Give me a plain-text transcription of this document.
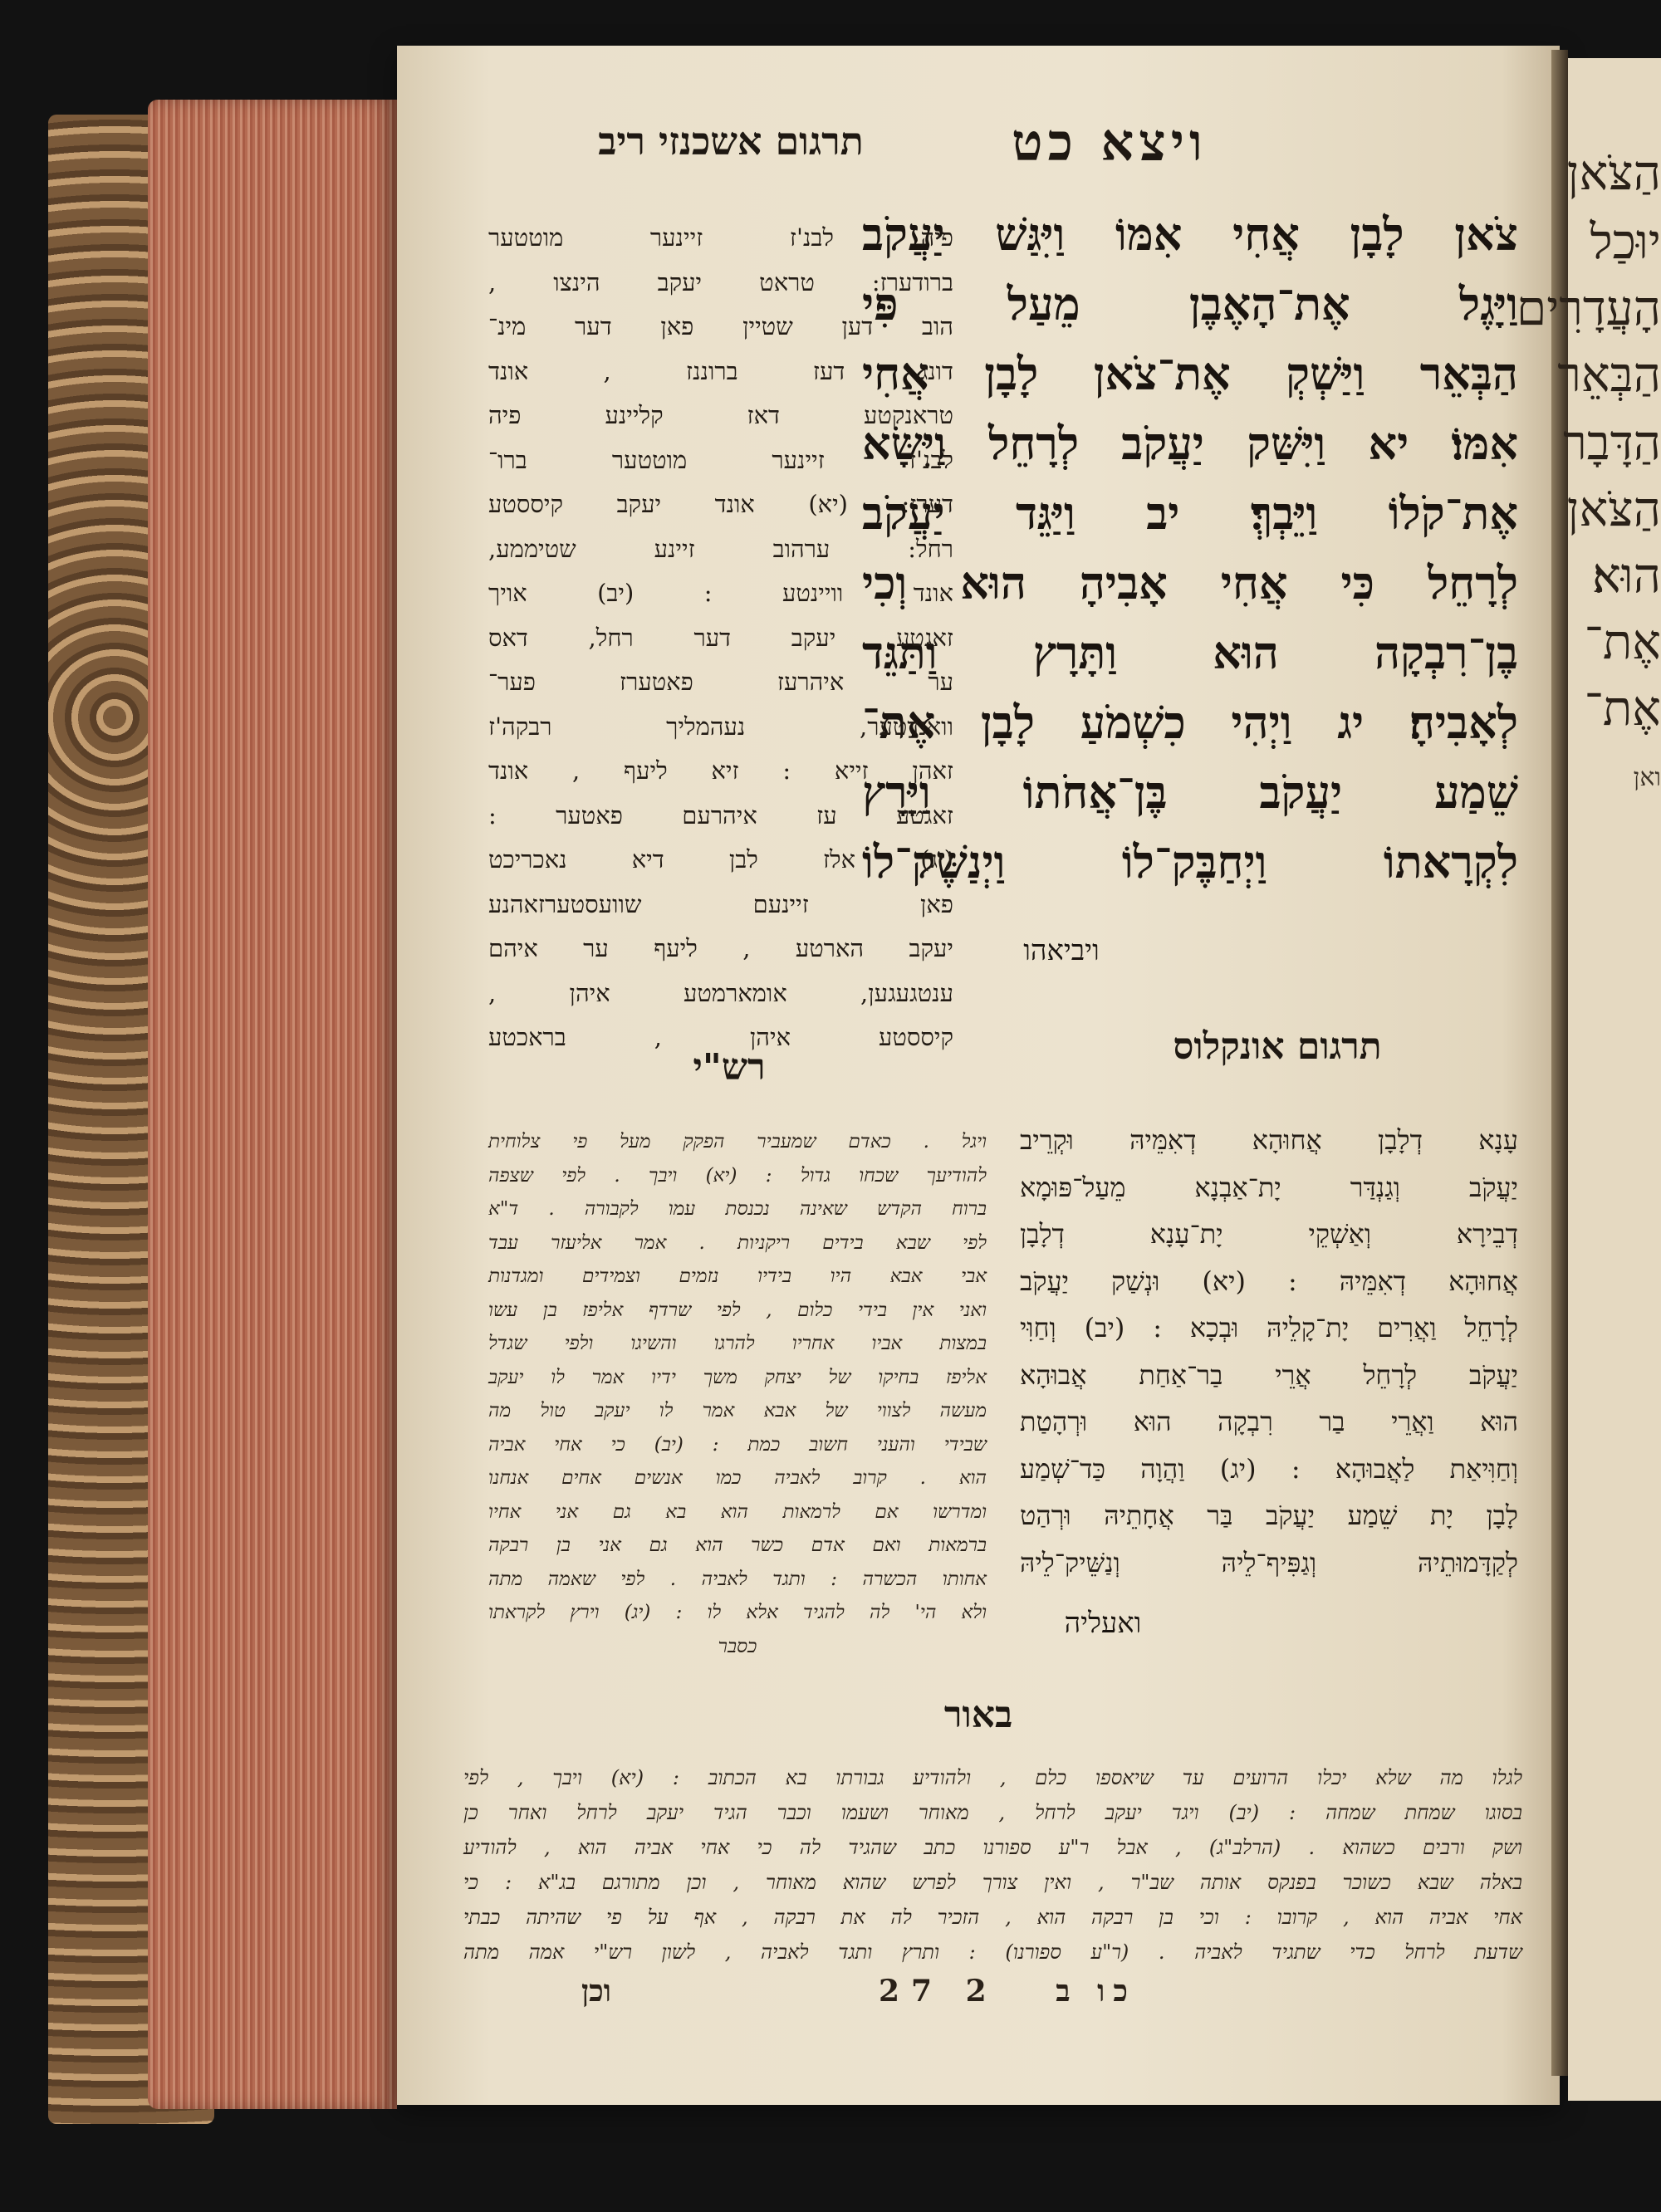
ויצא כט
תרגום אשכנזי ריב

צֹאן לָבָן אֲחִי אִמּוֹ וַיִּגַּשׁ יַעֲקֹב

וַיָּגֶל אֶת־הָאֶבֶן מֵעַל פִּי

הַבְּאֵר וַיַּשְׁקְ אֶת־צֹאן לָבָן אֲחִי

אִמּוֹ׃ יא וַיִּשַּׁק יַעֲקֹב לְרָחֵל וַיִּשָּׂא

אֶת־קֹלוֹ וַיֵּבְךְּ׃ יב וַיַּגֵּד יַעֲקֹב

לְרָחֵל כִּי אֲחִי אָבִיהָ הוּא וְכִי

בֶן־רִבְקָה הוּא וַתָּרָץ וַתַּגֵּד

לְאָבִיהָ׃ יג וַיְהִי כִשְׁמֹעַ לָבָן אֶת־

שֵׁמַע יַעֲקֹב בֶּן־אֲחֹתוֹ וַיָּרָץ

לִקְרָאתוֹ וַיְחַבֶּק־לוֹ וַיְנַשֶּׁק־לוֹ

ויביאהו

פיה לבנ'ז זיינער מוטטער

ברודערז: טראט יעקב הינצו ,

הוב דען שטיין פאן דער מינ־

דונג דעז ברוננז , אונד

טראנקטע דאז קליינע פיה

לבנ'ז זיינער מוטטער ברו־

דערז: (יא) אונד יעקב קיססטע

רחל: ערהוב זיינע שטיממע,

אונד וויינטע : (יב) אויך

זאגטע יעקב דער רחל, דאס

ער איהרעז פאטערז פער־

וואנדטער, נעהמליך רבקה'ז

זאהן זייא : זיא ליעף , אונד

זאגטע עז איהרעם פאטער :

(יג) אלז לבן דיא נאכריכט

פאן זיינעם שוועסטערזאהנע

יעקב הארטע , ליעף ער איהם

ענטגעגען, אומארמטע איהן ,

קיססטע איהן , בראכטע	תרגום אונקלוס

עָנָא דְלָבָן אֲחוּהָא דְאִמֵּיהּ וּקְרֵיב

יַעֲקֹב וְגַנְדַּר יָת־אַבְנָא מֵעַל־פּוּמָא

דְבֵירָא וְאַשְׁקֵי יָת־עָנָא דְלָבָן

אֲחוּהָא דְאִמֵּיהּ : (יא) וּנְשַׁק יַעֲקֹב

לְרָחֵל וַאֲרִים יָת־קָלֵיהּ וּבְכָא : (יב) וְחַוִּי

יַעֲקֹב לְרָחֵל אֲרֵי בַר־אַחַת אֲבוּהָא

הוּא וַאֲרֵי בַר רִבְקָה הוּא וּרְהָטַת

וְחַוִּיאַת לַאֲבוּהָא : (יג) וַהֲוָה כַּד־שְׁמַע

לָבָן יָת שֵׁמַע יַעֲקֹב בַּר אֲחָתֵיהּ וּרְהַט

לְקַדָּמוּתֵיהּ וְגַפִּיף־לֵיהּ וְנַשֵּׁיק־לֵיהּ

ואעליה
רש"י

ויגל . כאדם שמעביר הפקק מעל פי צלוחית

להודיעך שכחו גדול : (יא) ויבך . לפי שצפה

ברוח הקדש שאינה נכנסת עמו לקבורה . ד"א

לפי שבא בידים ריקניות . אמר אליעזר עבד

אבי אבא היו בידיו נזמים וצמידים ומגדנות

ואני אין בידי כלום , לפי שרדף אליפז בן עשו

במצות אביו אחריו להרגו והשיגו ולפי שגדל

אליפז בחיקו של יצחק משך ידיו אמר לו יעקב

מעשה לצווי של אבא אמר לו יעקב טול מה

שבידי והעני חשוב כמת : (יב) כי אחי אביה

הוא . קרוב לאביה כמו אנשים אחים אנחנו

ומדרשו אם לרמאות הוא בא גם אני אחיו

ברמאות ואם אדם כשר הוא גם אני בן רבקה

אחותו הכשרה : ותגד לאביה . לפי שאמה מתה

ולא הי' לה להגיד אלא לו : (יג) וירץ לקראתו

כסבר

באור

לגלו מה שלא יכלו הרועים עד שיאספו כלם , ולהודיע גבורתו בא הכתוב : (יא) ויבך , לפי

בסוגו שמחת שמחה : (יב) ויגד יעקב לרחל , מאוחר ושעמו וכבר הגיד יעקב לרחל ואחר כן

ושק ורבים כשהוא . (הרלב"ג) , אבל ר"ע ספורנו כתב שהגיד לה כי אחי אביה הוא , להודיע

באלה שבא כשוכר בפנקס אותה שב"ר , ואין צורך לפרש שהוא מאוחר , וכן מתורגם בג"א : כי

אחי אביה הוא , קרובו : וכי בן רבקה הוא , הזכיר לה את רבקה , אף על פי שהיתה כבתי

שדעת לרחל כדי שתגיד לאביה . (ר"ע ספורנו) : ותרץ ותגד לאביה , לשון רש"י אמה מתה

וכן	27 2	כו ב
הַצֹּאן
יוּכַל
הָעֲדָרִים
הַבְּאֵר
הַדָּבָר
הַצֹּאן
הוּא׃
אֶת־
אֶת־
ואן
